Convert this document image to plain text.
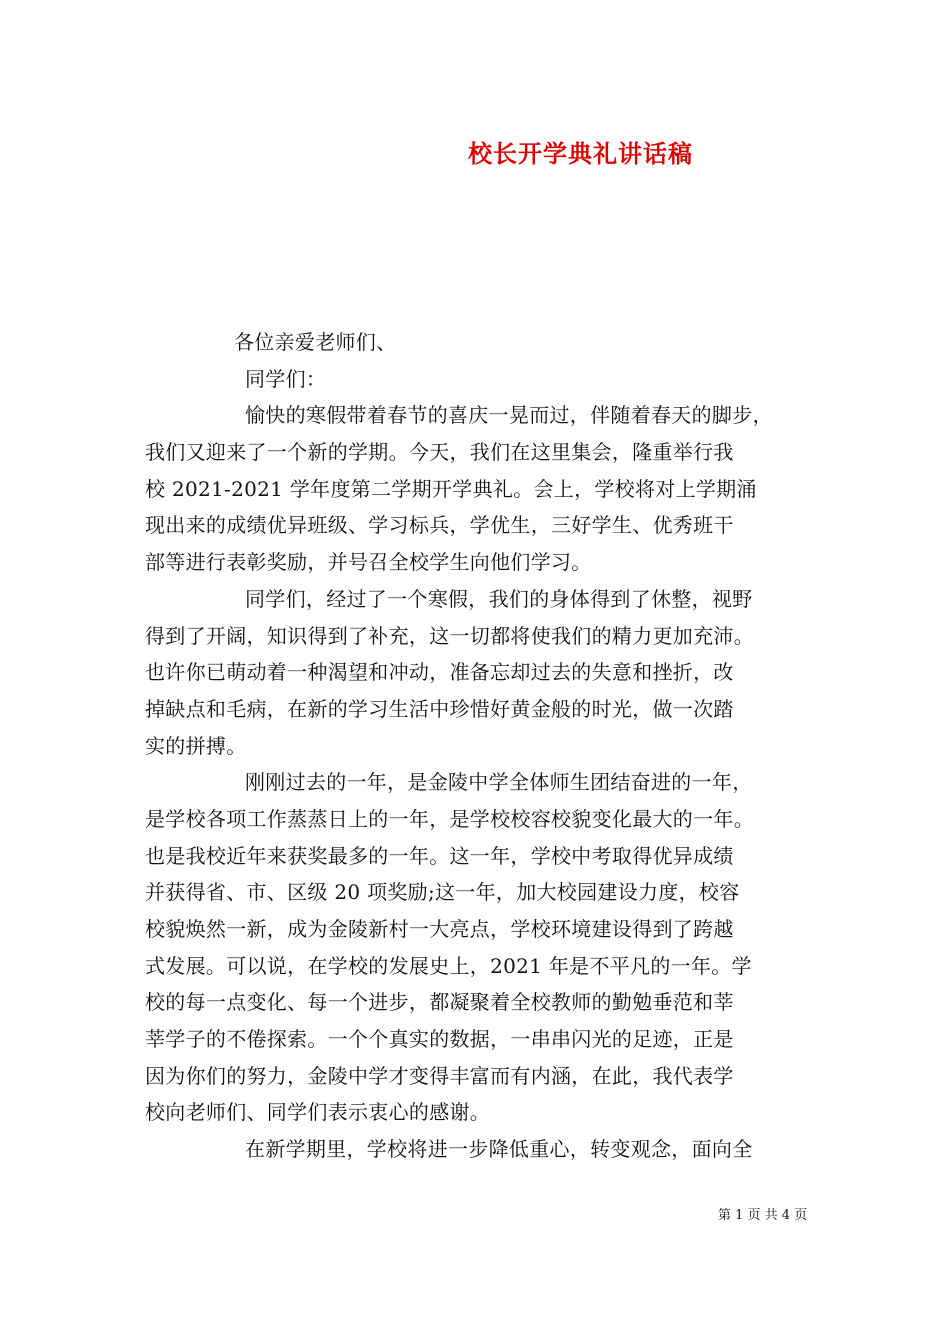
校长开学典礼讲话稿
各位亲爱老师们、
同学们：
愉快的寒假带着春节的喜庆一晃而过，伴随着春天的脚步，
我们又迎来了一个新的学期。今天，我们在这里集会，隆重举行我
校 2021-2021 学年度第二学期开学典礼。会上，学校将对上学期涌
现出来的成绩优异班级、学习标兵，学优生，三好学生、优秀班干
部等进行表彰奖励，并号召全校学生向他们学习。
同学们，经过了一个寒假，我们的身体得到了休整，视野
得到了开阔，知识得到了补充，这一切都将使我们的精力更加充沛。
也许你已萌动着一种渴望和冲动，准备忘却过去的失意和挫折，改
掉缺点和毛病，在新的学习生活中珍惜好黄金般的时光，做一次踏
实的拼搏。
刚刚过去的一年，是金陵中学全体师生团结奋进的一年，
是学校各项工作蒸蒸日上的一年，是学校校容校貌变化最大的一年。
也是我校近年来获奖最多的一年。这一年，学校中考取得优异成绩
并获得省、市、区级 20 项奖励;这一年，加大校园建设力度，校容
校貌焕然一新，成为金陵新村一大亮点，学校环境建设得到了跨越
式发展。可以说，在学校的发展史上，2021 年是不平凡的一年。学
校的每一点变化、每一个进步，都凝聚着全校教师的勤勉垂范和莘
莘学子的不倦探索。一个个真实的数据，一串串闪光的足迹，正是
因为你们的努力，金陵中学才变得丰富而有内涵，在此，我代表学
校向老师们、同学们表示衷心的感谢。
在新学期里，学校将进一步降低重心，转变观念，面向全
第 1 页 共 4 页
